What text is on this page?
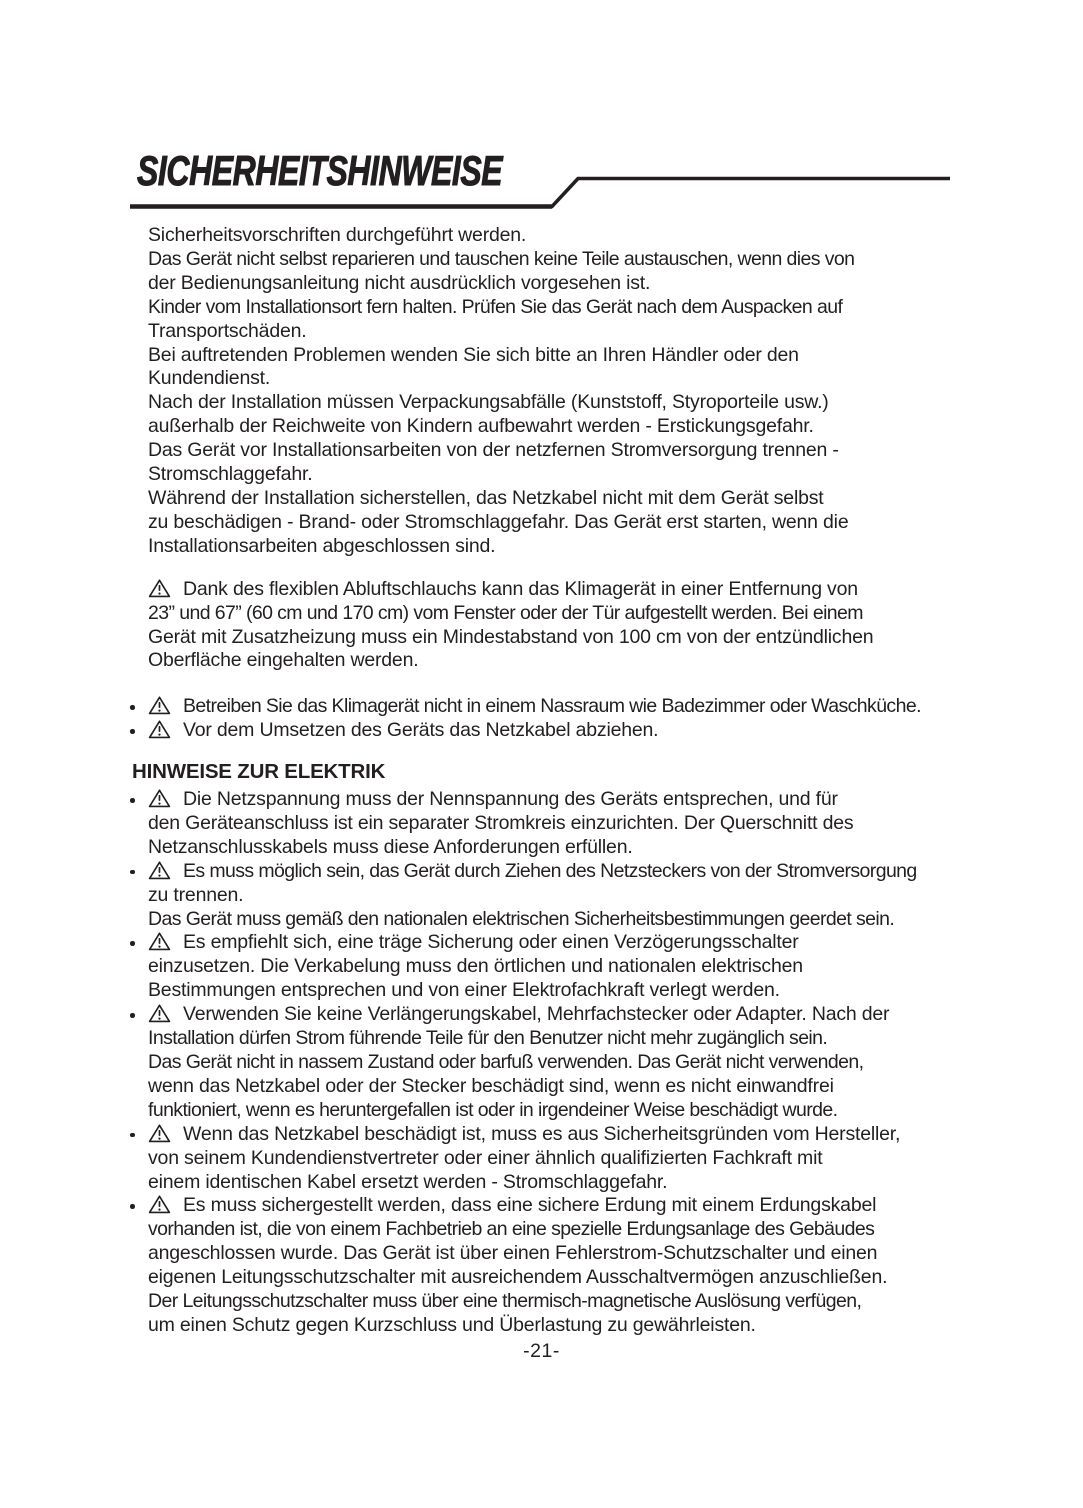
SICHERHEITSHINWEISE
Sicherheitsvorschriften durchgeführt werden.
Das Gerät nicht selbst reparieren und tauschen keine Teile austauschen, wenn dies von
der Bedienungsanleitung nicht ausdrücklich vorgesehen ist.
Kinder vom Installationsort fern halten. Prüfen Sie das Gerät nach dem Auspacken auf
Transportschäden.
Bei auftretenden Problemen wenden Sie sich bitte an Ihren Händler oder den
Kundendienst.
Nach der Installation müssen Verpackungsabfälle (Kunststoff, Styroporteile usw.)
außerhalb der Reichweite von Kindern aufbewahrt werden - Erstickungsgefahr.
Das Gerät vor Installationsarbeiten von der netzfernen Stromversorgung trennen -
Stromschlaggefahr.
Während der Installation sicherstellen, das Netzkabel nicht mit dem Gerät selbst
zu beschädigen - Brand- oder Stromschlaggefahr. Das Gerät erst starten, wenn die
Installationsarbeiten abgeschlossen sind.
Dank des flexiblen Abluftschlauchs kann das Klimagerät in einer Entfernung von
23” und 67” (60 cm und 170 cm) vom Fenster oder der Tür aufgestellt werden. Bei einem
Gerät mit Zusatzheizung muss ein Mindestabstand von 100 cm von der entzündlichen
Oberfläche eingehalten werden.
Betreiben Sie das Klimagerät nicht in einem Nassraum wie Badezimmer oder Waschküche.
Vor dem Umsetzen des Geräts das Netzkabel abziehen.
HINWEISE ZUR ELEKTRIK
Die Netzspannung muss der Nennspannung des Geräts entsprechen, und für
den Geräteanschluss ist ein separater Stromkreis einzurichten. Der Querschnitt des
Netzanschlusskabels muss diese Anforderungen erfüllen.
Es muss möglich sein, das Gerät durch Ziehen des Netzsteckers von der Stromversorgung
zu trennen.
Das Gerät muss gemäß den nationalen elektrischen Sicherheitsbestimmungen geerdet sein.
Es empfiehlt sich, eine träge Sicherung oder einen Verzögerungsschalter
einzusetzen. Die Verkabelung muss den örtlichen und nationalen elektrischen
Bestimmungen entsprechen und von einer Elektrofachkraft verlegt werden.
Verwenden Sie keine Verlängerungskabel, Mehrfachstecker oder Adapter. Nach der
Installation dürfen Strom führende Teile für den Benutzer nicht mehr zugänglich sein.
Das Gerät nicht in nassem Zustand oder barfuß verwenden. Das Gerät nicht verwenden,
wenn das Netzkabel oder der Stecker beschädigt sind, wenn es nicht einwandfrei
funktioniert, wenn es heruntergefallen ist oder in irgendeiner Weise beschädigt wurde.
Wenn das Netzkabel beschädigt ist, muss es aus Sicherheitsgründen vom Hersteller,
von seinem Kundendienstvertreter oder einer ähnlich qualifizierten Fachkraft mit
einem identischen Kabel ersetzt werden - Stromschlaggefahr.
Es muss sichergestellt werden, dass eine sichere Erdung mit einem Erdungskabel
vorhanden ist, die von einem Fachbetrieb an eine spezielle Erdungsanlage des Gebäudes
angeschlossen wurde. Das Gerät ist über einen Fehlerstrom-Schutzschalter und einen
eigenen Leitungsschutzschalter mit ausreichendem Ausschaltvermögen anzuschließen.
Der Leitungsschutzschalter muss über eine thermisch-magnetische Auslösung verfügen,
um einen Schutz gegen Kurzschluss und Überlastung zu gewährleisten.
-21-
